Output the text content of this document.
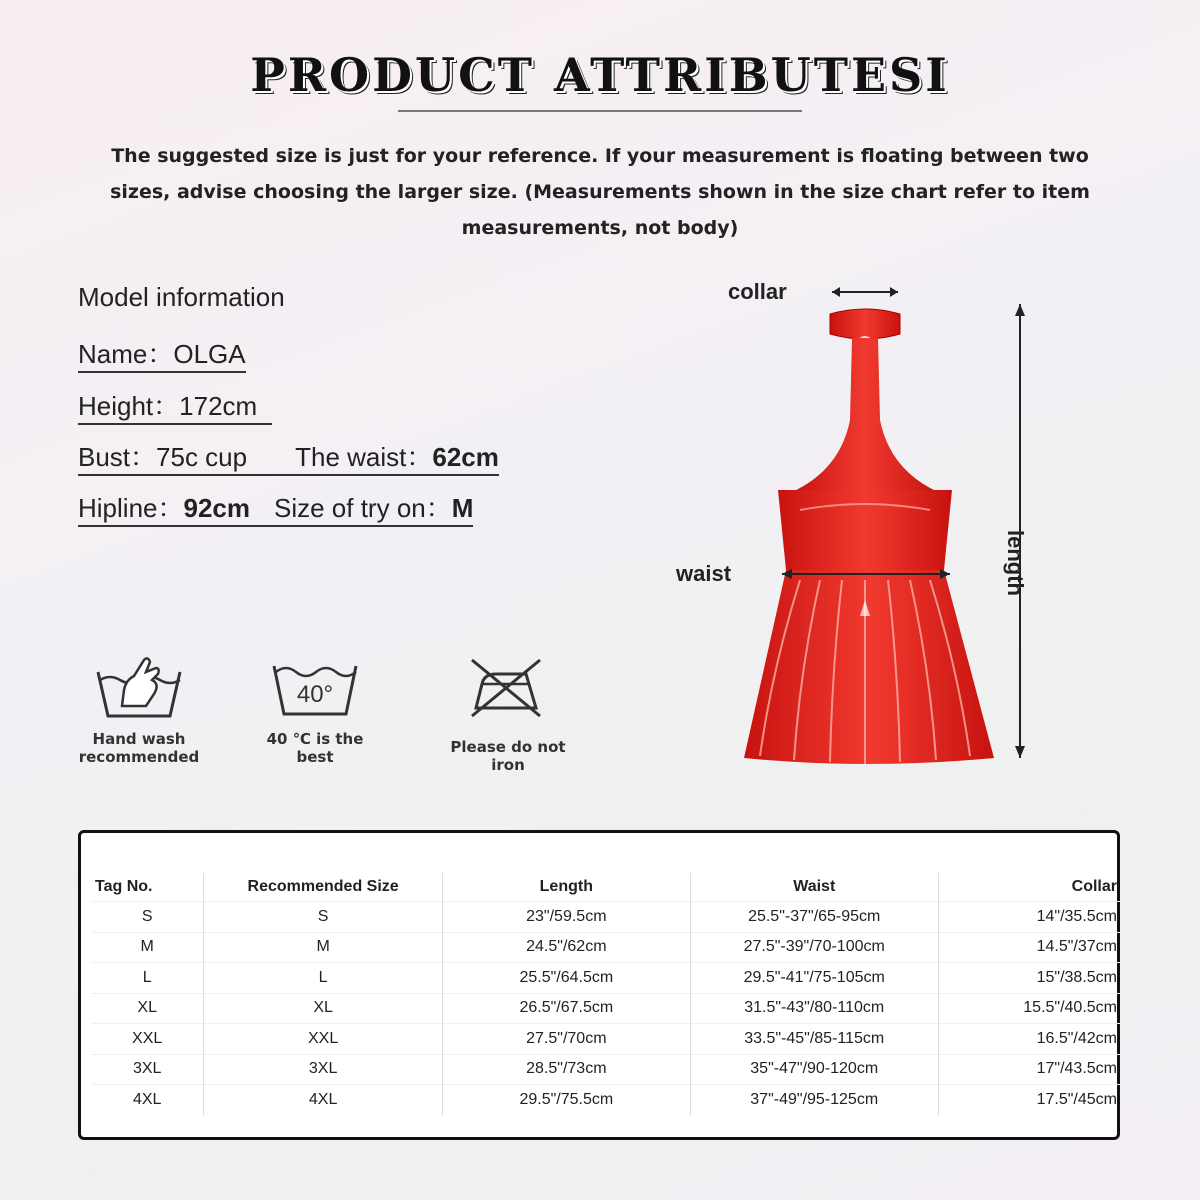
PRODUCT ATTRIBUTESI
The suggested size is just for your reference. If your measurement is floating between two sizes, advise choosing the larger size. (Measurements shown in the size chart refer to item measurements, not body)
Model information
Name：OLGA
Height：172cm
Bust：75c cup The waist：62cm
Hipline：92cm Size of try on：M
Hand wash recommended
40°
40 ℃ is the best
Please do not iron
collar
waist	length
Tag No.	Recommended Size	Length	Waist	Collar
S	S	23"/59.5cm	25.5"-37"/65-95cm	14"/35.5cm
M	M	24.5"/62cm	27.5"-39"/70-100cm	14.5"/37cm
L	L	25.5"/64.5cm	29.5"-41"/75-105cm	15"/38.5cm
XL	XL	26.5"/67.5cm	31.5"-43"/80-110cm	15.5"/40.5cm
XXL	XXL	27.5"/70cm	33.5"-45"/85-115cm	16.5"/42cm
3XL	3XL	28.5"/73cm	35"-47"/90-120cm	17"/43.5cm
4XL	4XL	29.5"/75.5cm	37"-49"/95-125cm	17.5"/45cm
